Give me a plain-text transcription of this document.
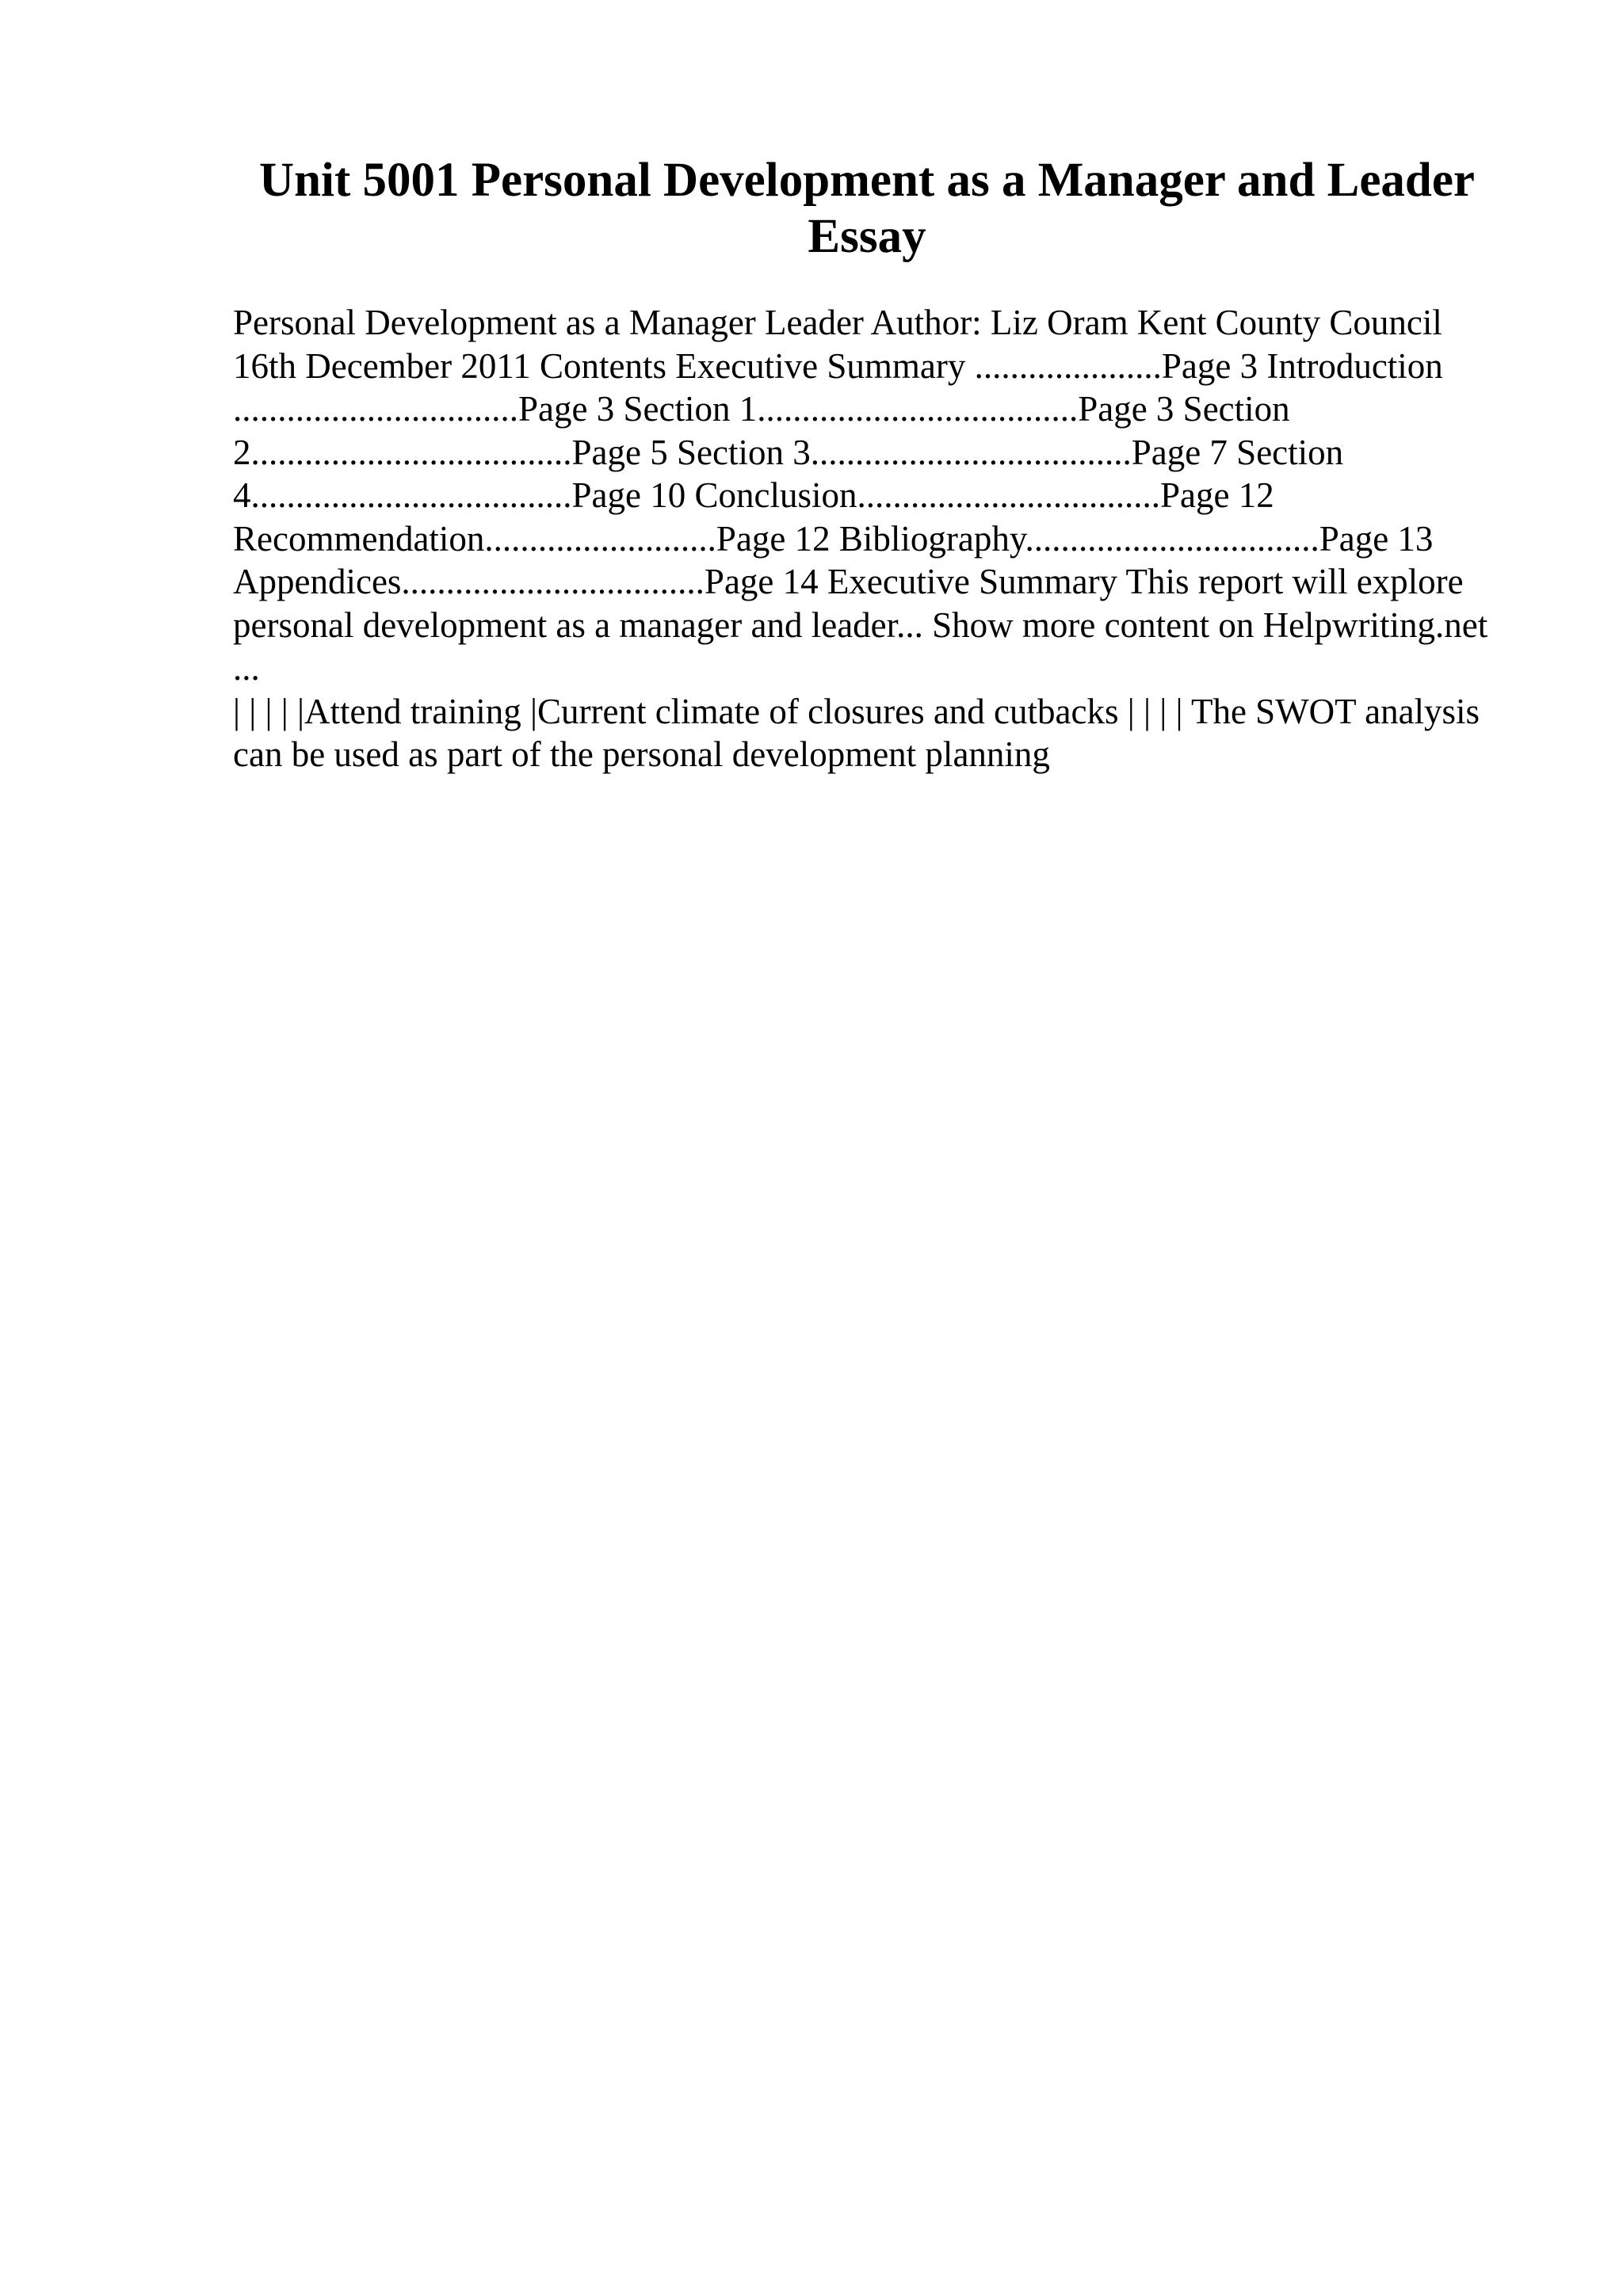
Unit 5001 Personal Development as a Manager and Leader Essay

Personal Development as a Manager Leader Author: Liz Oram Kent County Council 16th December 2011 Contents Executive Summary .....................Page 3 Introduction ................................Page 3 Section 1....................................Page 3 Section 2....................................Page 5 Section 3....................................Page 7 Section 4....................................Page 10 Conclusion..................................Page 12 Recommendation..........................Page 12 Bibliography.................................Page 13 Appendices..................................Page 14 Executive Summary This report will explore personal development as a manager and leader... Show more content on Helpwriting.net ...

| | | | |Attend training |Current climate of closures and cutbacks | | | | The SWOT analysis can be used as part of the personal development planning
